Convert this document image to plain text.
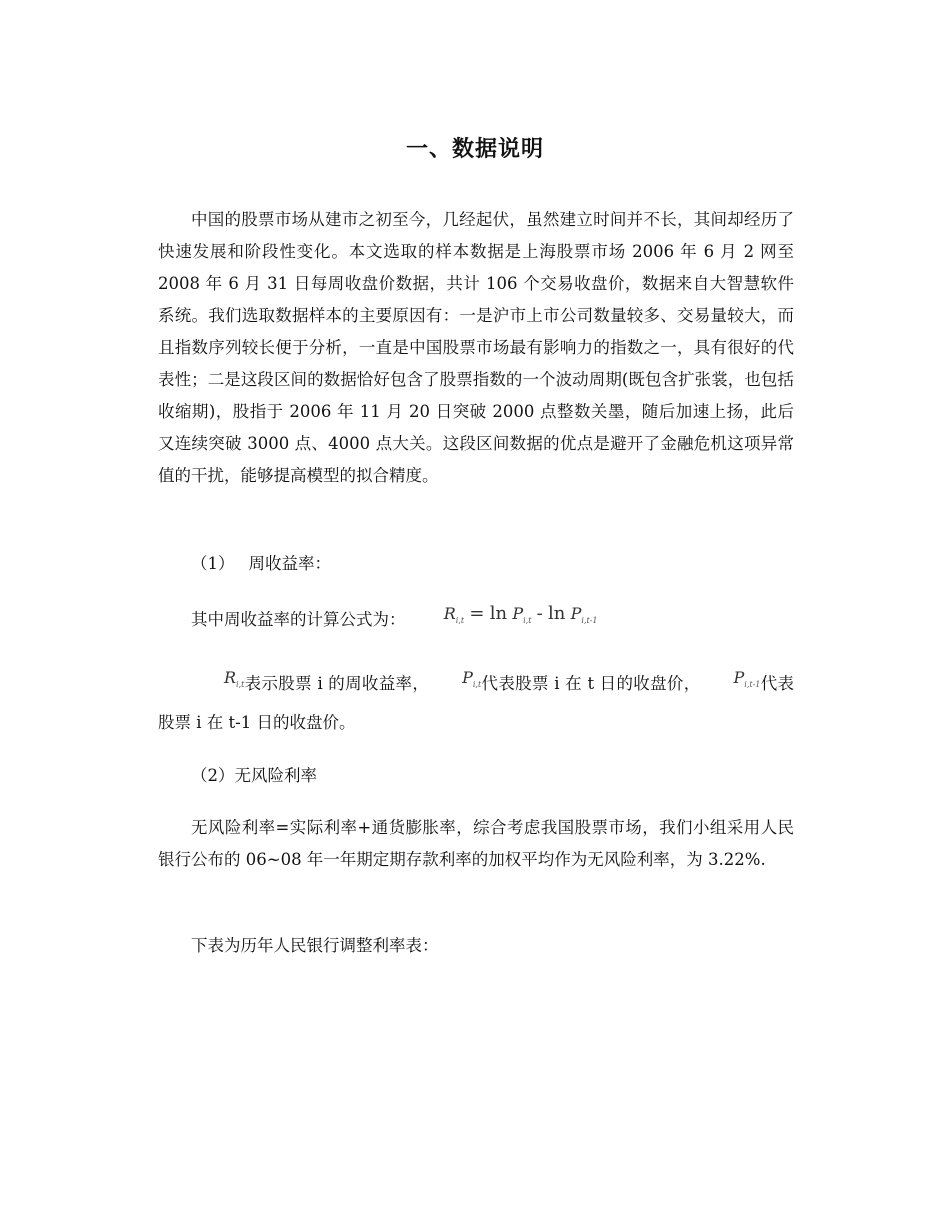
一、数据说明

中国的股票市场从建市之初至今，几经起伏，虽然建立时间并不长，其间却经历了快速发展和阶段性变化。本文选取的样本数据是上海股票市场 2006 年 6 月 2 网至 2008 年 6 月 31 日每周收盘价数据，共计 106 个交易收盘价，数据来自大智慧软件系统。我们选取数据样本的主要原因有：一是沪市上市公司数量较多、交易量较大，而且指数序列较长便于分析，一直是中国股票市场最有影响力的指数之一，具有很好的代表性；二是这段区间的数据恰好包含了股票指数的一个波动周期(既包含扩张裳，也包括收缩期)，股指于 2006 年 11 月 20 日突破 2000 点整数关墨，随后加速上扬，此后又连续突破 3000 点、4000 点大关。这段区间数据的优点是避开了金融危机这项异常值的干扰，能够提高模型的拟合精度。

（1） 周收益率：

其中周收益率的计算公式为： $R_{i,t} = \ln P_{i,t} - \ln P_{i,t-1}$

$R_{i,t}$表示股票 i 的周收益率， $P_{i,t}$代表股票 i 在 t 日的收盘价， $P_{i,t-1}$代表股票 i 在 t-1 日的收盘价。

（2）无风险利率

无风险利率=实际利率+通货膨胀率，综合考虑我国股票市场，我们小组采用人民银行公布的 06~08 年一年期定期存款利率的加权平均作为无风险利率，为 3.22%.

下表为历年人民银行调整利率表：
